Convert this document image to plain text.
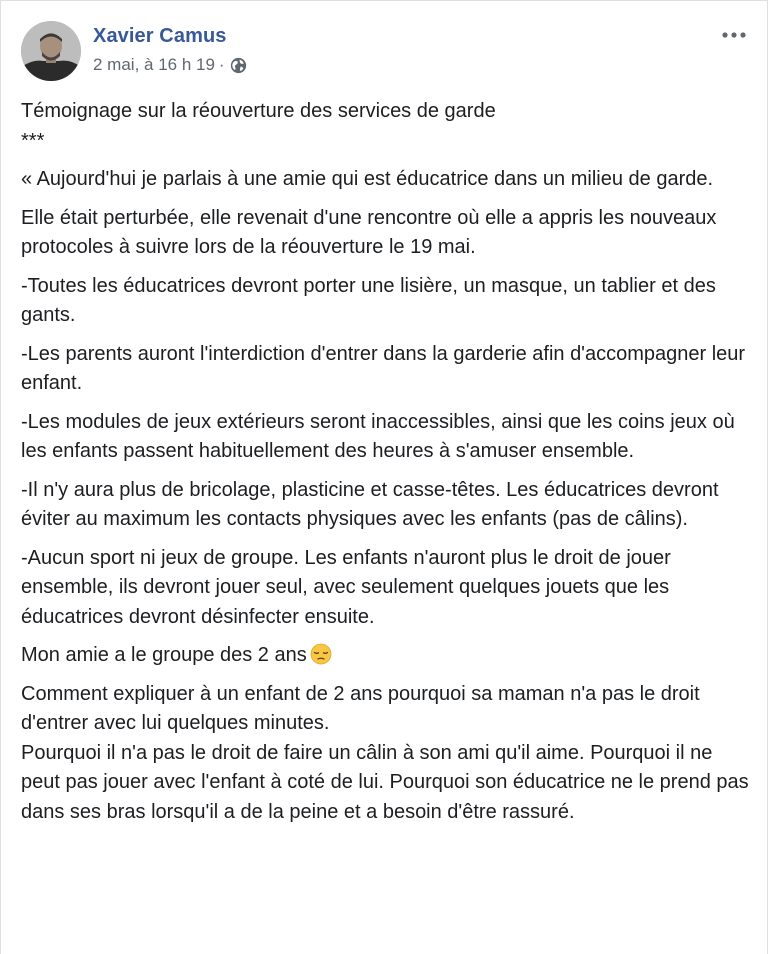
Xavier Camus
2 mai, à 16 h 19 ·
Témoignage sur la réouverture des services de garde

***

« Aujourd'hui je parlais à une amie qui est éducatrice dans un milieu de garde.

Elle était perturbée, elle revenait d'une rencontre où elle a appris les nouveaux protocoles à suivre lors de la réouverture le 19 mai.

-Toutes les éducatrices devront porter une lisière, un masque, un tablier et des gants.

-Les parents auront l'interdiction d'entrer dans la garderie afin d'accompagner leur enfant.

-Les modules de jeux extérieurs seront inaccessibles, ainsi que les coins jeux où les enfants passent habituellement des heures à s'amuser ensemble.

-Il n'y aura plus de bricolage, plasticine et casse-têtes. Les éducatrices devront éviter au maximum les contacts physiques avec les enfants (pas de câlins).

-Aucun sport ni jeux de groupe. Les enfants n'auront plus le droit de jouer ensemble, ils devront jouer seul, avec seulement quelques jouets que les éducatrices devront désinfecter ensuite.

Mon amie a le groupe des 2 ans

Comment expliquer à un enfant de 2 ans pourquoi sa maman n'a pas le droit d'entrer avec lui quelques minutes.
Pourquoi il n'a pas le droit de faire un câlin à son ami qu'il aime. Pourquoi il ne peut pas jouer avec l'enfant à coté de lui. Pourquoi son éducatrice ne le prend pas dans ses bras lorsqu'il a de la peine et a besoin d'être rassuré.
